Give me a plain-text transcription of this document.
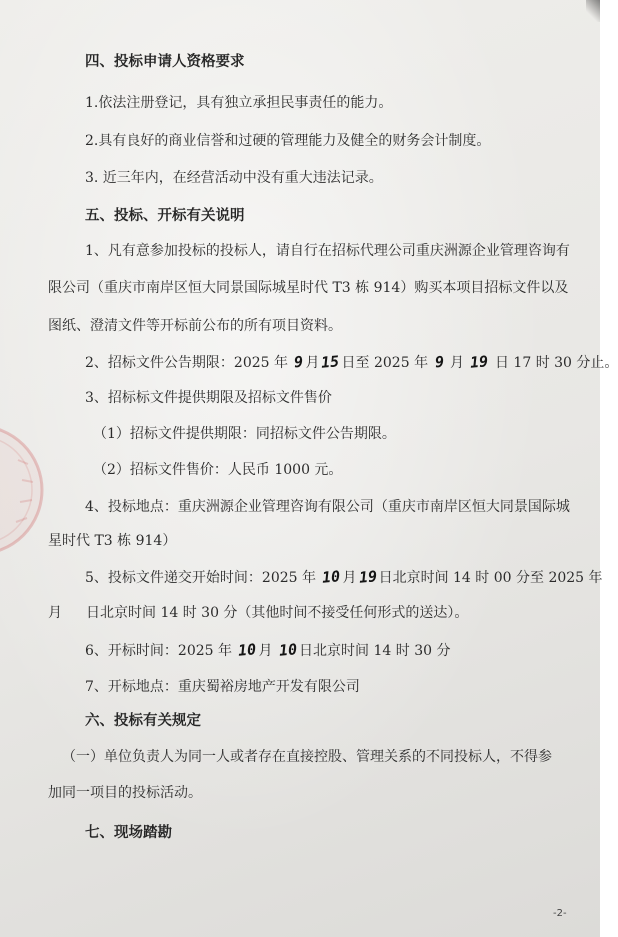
四、投标申请人资格要求
1.依法注册登记，具有独立承担民事责任的能力。
2.具有良好的商业信誉和过硬的管理能力及健全的财务会计制度。
3. 近三年内，在经营活动中没有重大违法记录。
五、投标、开标有关说明
1、凡有意参加投标的投标人，请自行在招标代理公司重庆洲源企业管理咨询有
限公司（重庆市南岸区恒大同景国际城星时代 T3 栋 914）购买本项目招标文件以及
图纸、澄清文件等开标前公布的所有项目资料。
2、招标文件公告期限：2025 年 9月15日至 2025 年 9 月 19 日 17 时 30 分止。
3、招标标文件提供期限及招标文件售价
（1）招标文件提供期限：同招标文件公告期限。
（2）招标文件售价：人民币 1000 元。
4、投标地点：重庆洲源企业管理咨询有限公司（重庆市南岸区恒大同景国际城
星时代 T3 栋 914）
5、投标文件递交开始时间：2025 年 10月19日北京时间 14 时 00 分至 2025 年
月 日北京时间 14 时 30 分（其他时间不接受任何形式的送达）。
6、开标时间：2025 年 10月 10日北京时间 14 时 30 分
7、开标地点：重庆蜀裕房地产开发有限公司
六、投标有关规定
（一）单位负责人为同一人或者存在直接控股、管理关系的不同投标人，不得参
加同一项目的投标活动。
七、现场踏勘
-2-
